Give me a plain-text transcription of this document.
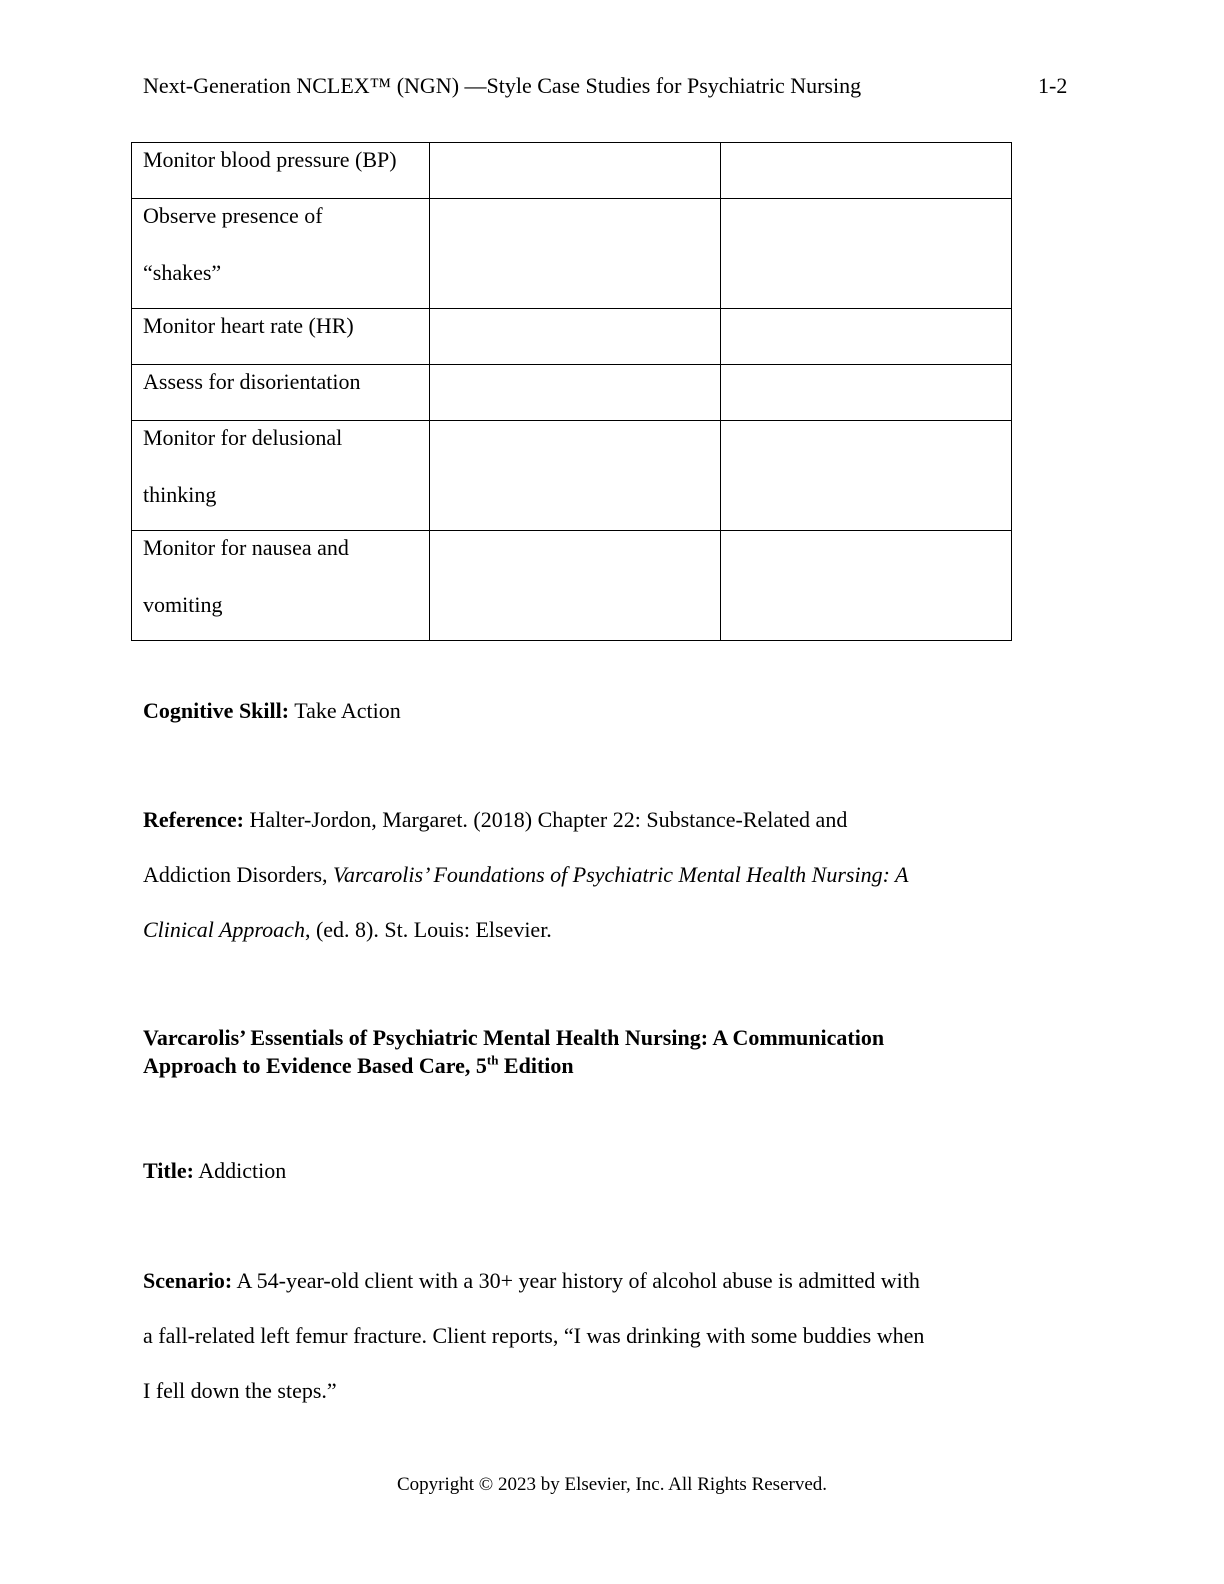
Next-Generation NCLEX™ (NGN) —Style Case Studies for Psychiatric Nursing	1-2
Monitor blood pressure (BP)		

Observe presence of
“shakes”		

Monitor heart rate (HR)		

Assess for disorientation		

Monitor for delusional
thinking		

Monitor for nausea and
vomiting		

Cognitive Skill: Take Action
Reference: Halter-Jordon, Margaret. (2018) Chapter 22: Substance-Related and
Addiction Disorders, Varcarolis’ Foundations of Psychiatric Mental Health Nursing: A
Clinical Approach, (ed. 8). St. Louis: Elsevier.
Varcarolis’ Essentials of Psychiatric Mental Health Nursing: A Communication
Approach to Evidence Based Care, 5th Edition
Title: Addiction
Scenario: A 54-year-old client with a 30+ year history of alcohol abuse is admitted with
a fall-related left femur fracture. Client reports, “I was drinking with some buddies when
I fell down the steps.”
Copyright © 2023 by Elsevier, Inc. All Rights Reserved.
